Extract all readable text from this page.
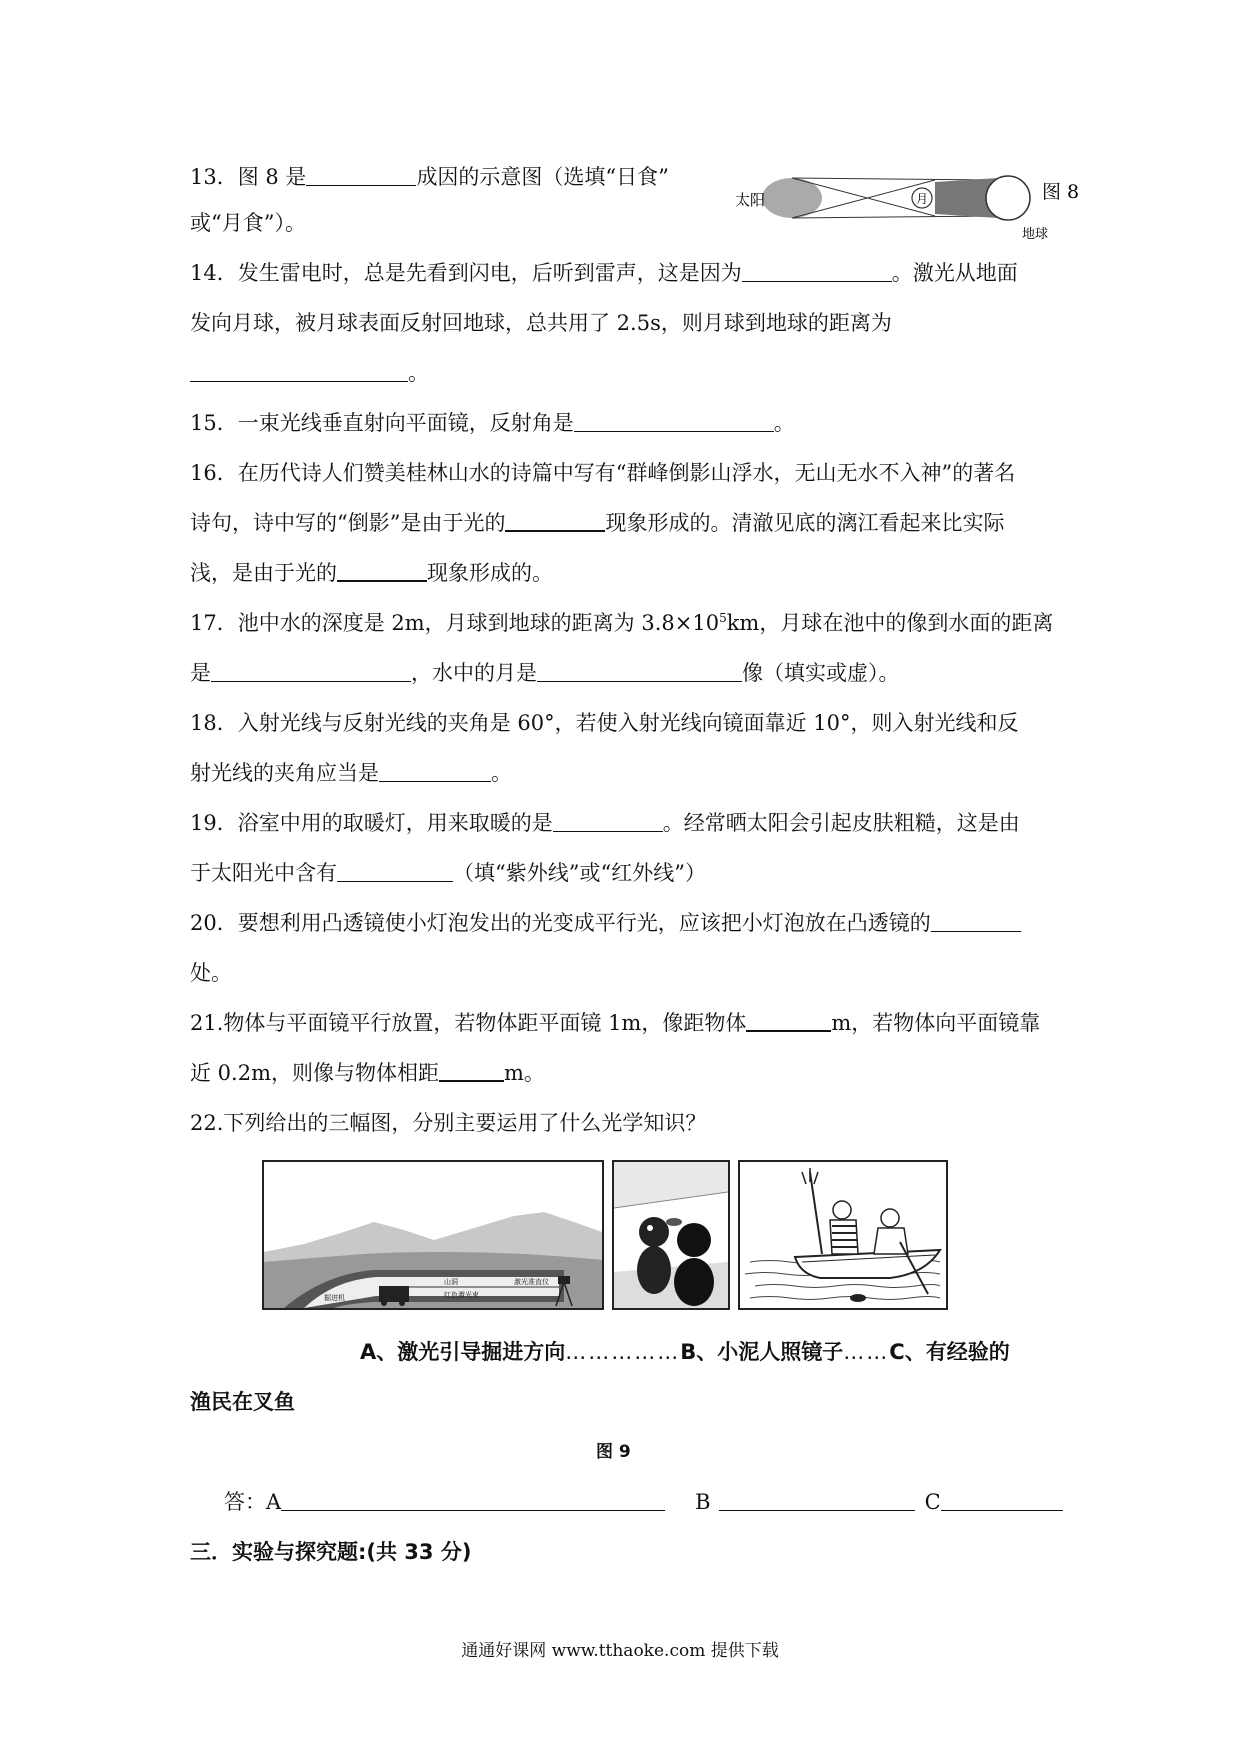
13．图 8 是	成因的示意图（选填“日食”
或“月食”）。
太阳	月
地球
图 8
14．发生雷电时，总是先看到闪电，后听到雷声，这是因为	。激光从地面
发向月球，被月球表面反射回地球，总共用了 2.5s，则月球到地球的距离为
。
15．一束光线垂直射向平面镜，反射角是	。
16．在历代诗人们赞美桂林山水的诗篇中写有“群峰倒影山浮水，无山无水不入神”的著名
诗句，诗中写的“倒影”是由于光的	现象形成的。清澈见底的漓江看起来比实际
浅，是由于光的	现象形成的。
17．池中水的深度是 2m，月球到地球的距离为 $3.8\times 10^5km$，月球在池中的像到水面的距离
是	，水中的月是	像（填实或虚）。
18．入射光线与反射光线的夹角是 60°，若使入射光线向镜面靠近 10°，则入射光线和反
射光线的夹角应当是	。
19．浴室中用的取暖灯，用来取暖的是	。经常晒太阳会引起皮肤粗糙，这是由
于太阳光中含有	（填“紫外线”或“红外线”）
20．要想利用凸透镜使小灯泡发出的光变成平行光，应该把小灯泡放在凸透镜的
处。
21.物体与平面镜平行放置，若物体距平面镜 1m，像距物体	m，若物体向平面镜靠
近 0.2m，则像与物体相距	m。
22.下列给出的三幅图，分别主要运用了什么光学知识？
山洞	激光准直仪
掘进机	红色激光束
A、激光引导掘进方向……………B、小泥人照镜子……C、有经验的
渔民在叉鱼
图 9
答：A	B	C
三．实验与探究题:(共 33 分)
通通好课网 www.tthaoke.com 提供下载
